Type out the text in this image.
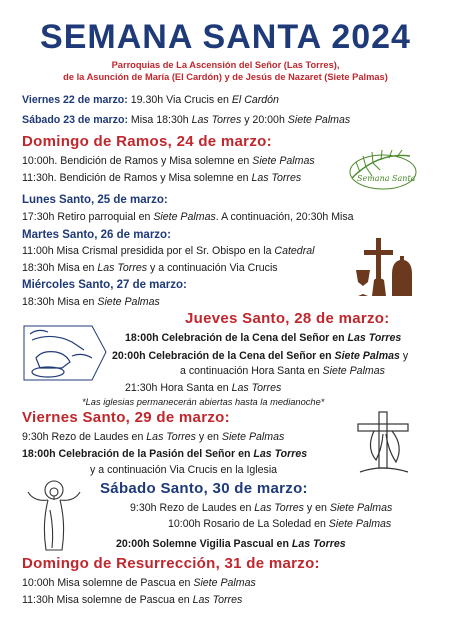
SEMANA SANTA 2024
Parroquias de La Ascensión del Señor (Las Torres),
de la Asunción de María (El Cardón) y de Jesús de Nazaret (Siete Palmas)
Viernes 22 de marzo: 19.30h Via Crucis en El Cardón
Sábado 23 de marzo: Misa 18:30h Las Torres y 20:00h Siete Palmas
Domingo de Ramos, 24 de marzo:
10:00h. Bendición de Ramos y Misa solemne en Siete Palmas
11:30h. Bendición de Ramos y Misa solemne en Las Torres	Semana Santa
Lunes Santo, 25 de marzo:
17:30h Retiro parroquial en Siete Palmas. A continuación, 20:30h Misa
Martes Santo, 26 de marzo:
11:00h Misa Crismal presidida por el Sr. Obispo en la Catedral
18:30h Misa en Las Torres y a continuación Via Crucis
Miércoles Santo, 27 de marzo:
18:30h Misa en Siete Palmas
Jueves Santo, 28 de marzo:
18:00h Celebración de la Cena del Señor en Las Torres
20:00h Celebración de la Cena del Señor en Siete Palmas y
a continuación Hora Santa en Siete Palmas
21:30h Hora Santa en Las Torres
*Las iglesias permanecerán abiertas hasta la medianoche*
Viernes Santo, 29 de marzo:
9:30h Rezo de Laudes en Las Torres y en Siete Palmas
18:00h Celebración de la Pasión del Señor en Las Torres
y a continuación Via Crucis en la Iglesia
Sábado Santo, 30 de marzo:
9:30h Rezo de Laudes en Las Torres y en Siete Palmas
10:00h Rosario de La Soledad en Siete Palmas
20:00h Solemne Vigilia Pascual en Las Torres
Domingo de Resurrección, 31 de marzo:
10:00h Misa solemne de Pascua en Siete Palmas
11:30h Misa solemne de Pascua en Las Torres
